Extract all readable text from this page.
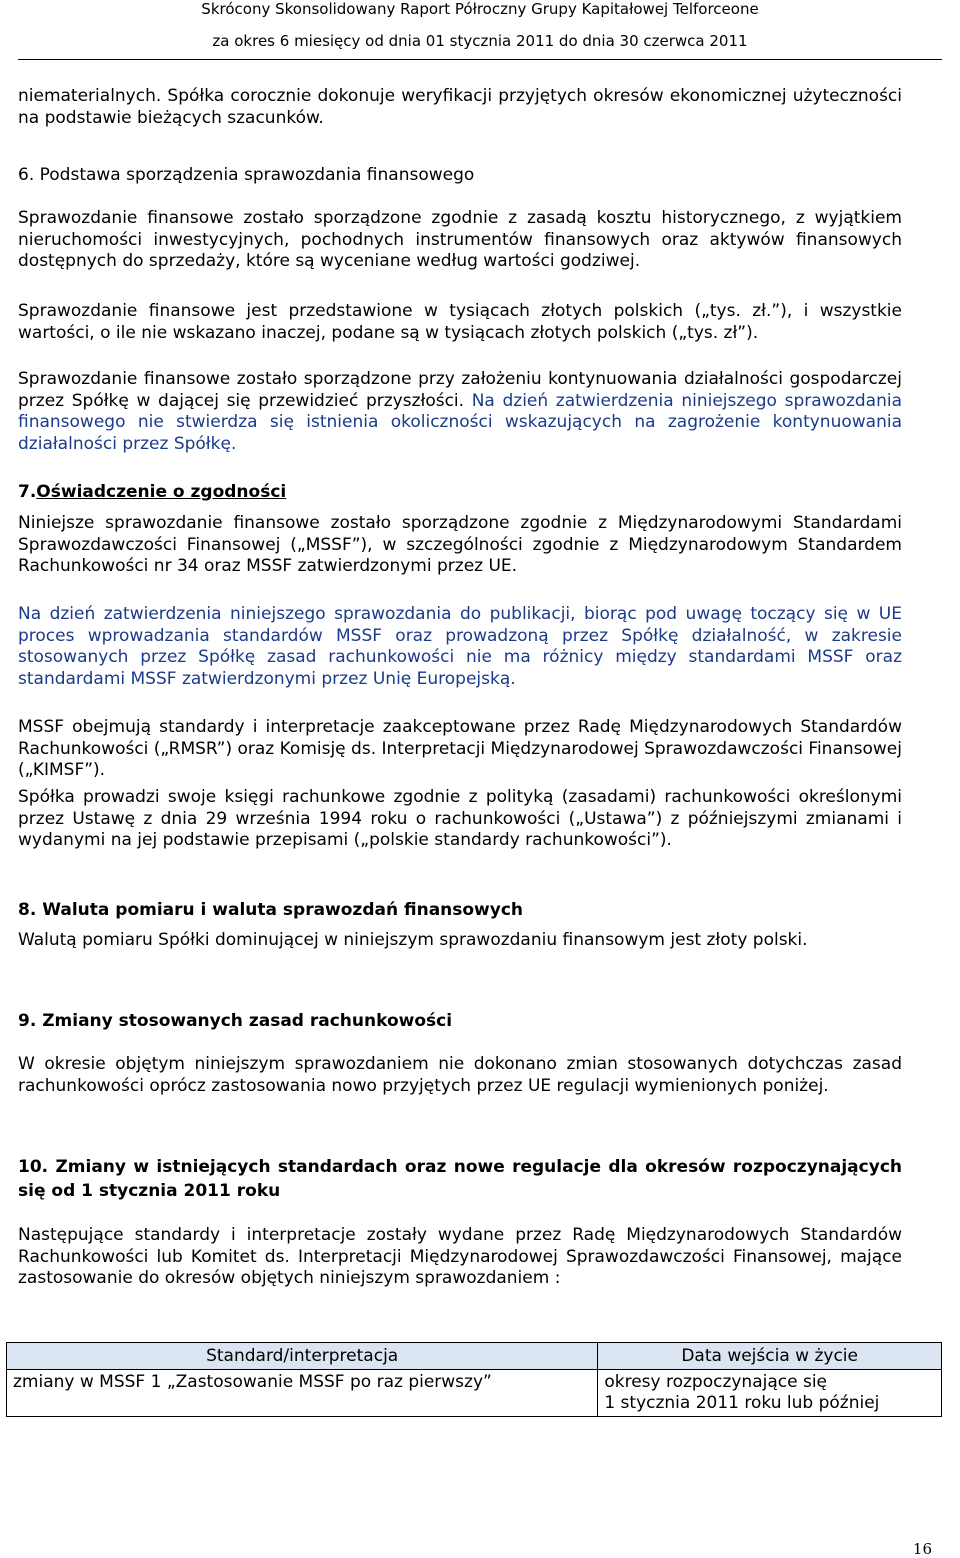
Skrócony Skonsolidowany Raport Półroczny Grupy Kapitałowej Telforceone
za okres 6 miesięcy od dnia 01 stycznia 2011 do dnia 30 czerwca 2011
niematerialnych. Spółka corocznie dokonuje weryfikacji przyjętych okresów ekonomicznej użyteczności na podstawie bieżących szacunków.
6. Podstawa sporządzenia sprawozdania finansowego
Sprawozdanie finansowe zostało sporządzone zgodnie z zasadą kosztu historycznego, z wyjątkiem nieruchomości inwestycyjnych, pochodnych instrumentów finansowych oraz aktywów finansowych dostępnych do sprzedaży, które są wyceniane według wartości godziwej.
Sprawozdanie finansowe jest przedstawione w tysiącach złotych polskich („tys. zł.”), i wszystkie wartości, o ile nie wskazano inaczej, podane są w tysiącach złotych polskich („tys. zł”).
Sprawozdanie finansowe zostało sporządzone przy założeniu kontynuowania działalności gospodarczej przez Spółkę w dającej się przewidzieć przyszłości. Na dzień zatwierdzenia niniejszego sprawozdania finansowego nie stwierdza się istnienia okoliczności wskazujących na zagrożenie kontynuowania działalności przez Spółkę.
7.Oświadczenie o zgodności
Niniejsze sprawozdanie finansowe zostało sporządzone zgodnie z Międzynarodowymi Standardami Sprawozdawczości Finansowej („MSSF”), w szczególności zgodnie z Międzynarodowym Standardem Rachunkowości nr 34 oraz MSSF zatwierdzonymi przez UE.
Na dzień zatwierdzenia niniejszego sprawozdania do publikacji, biorąc pod uwagę toczący się w UE proces wprowadzania standardów MSSF oraz prowadzoną przez Spółkę działalność, w zakresie stosowanych przez Spółkę zasad rachunkowości nie ma różnicy między standardami MSSF oraz standardami MSSF zatwierdzonymi przez Unię Europejską.
MSSF obejmują standardy i interpretacje zaakceptowane przez Radę Międzynarodowych Standardów Rachunkowości („RMSR”) oraz Komisję ds. Interpretacji Międzynarodowej Sprawozdawczości Finansowej („KIMSF”).
Spółka prowadzi swoje księgi rachunkowe zgodnie z polityką (zasadami) rachunkowości określonymi przez Ustawę z dnia 29 września 1994 roku o rachunkowości („Ustawa”) z późniejszymi zmianami i wydanymi na jej podstawie przepisami („polskie standardy rachunkowości”).
8. Waluta pomiaru i waluta sprawozdań finansowych
Walutą pomiaru Spółki dominującej w niniejszym sprawozdaniu finansowym jest złoty polski.
9. Zmiany stosowanych zasad rachunkowości
W okresie objętym niniejszym sprawozdaniem nie dokonano zmian stosowanych dotychczas zasad rachunkowości oprócz zastosowania nowo przyjętych przez UE regulacji wymienionych poniżej.
10. Zmiany w istniejących standardach oraz nowe regulacje dla okresów rozpoczynających się od 1 stycznia 2011 roku
Następujące standardy i interpretacje zostały wydane przez Radę Międzynarodowych Standardów Rachunkowości lub Komitet ds. Interpretacji Międzynarodowej Sprawozdawczości Finansowej, mające zastosowanie do okresów objętych niniejszym sprawozdaniem :
Standard/interpretacja	Data wejścia w życie
zmiany w MSSF 1 „Zastosowanie MSSF po raz pierwszy”	okresy rozpoczynające się
1 stycznia 2011 roku lub później
16
